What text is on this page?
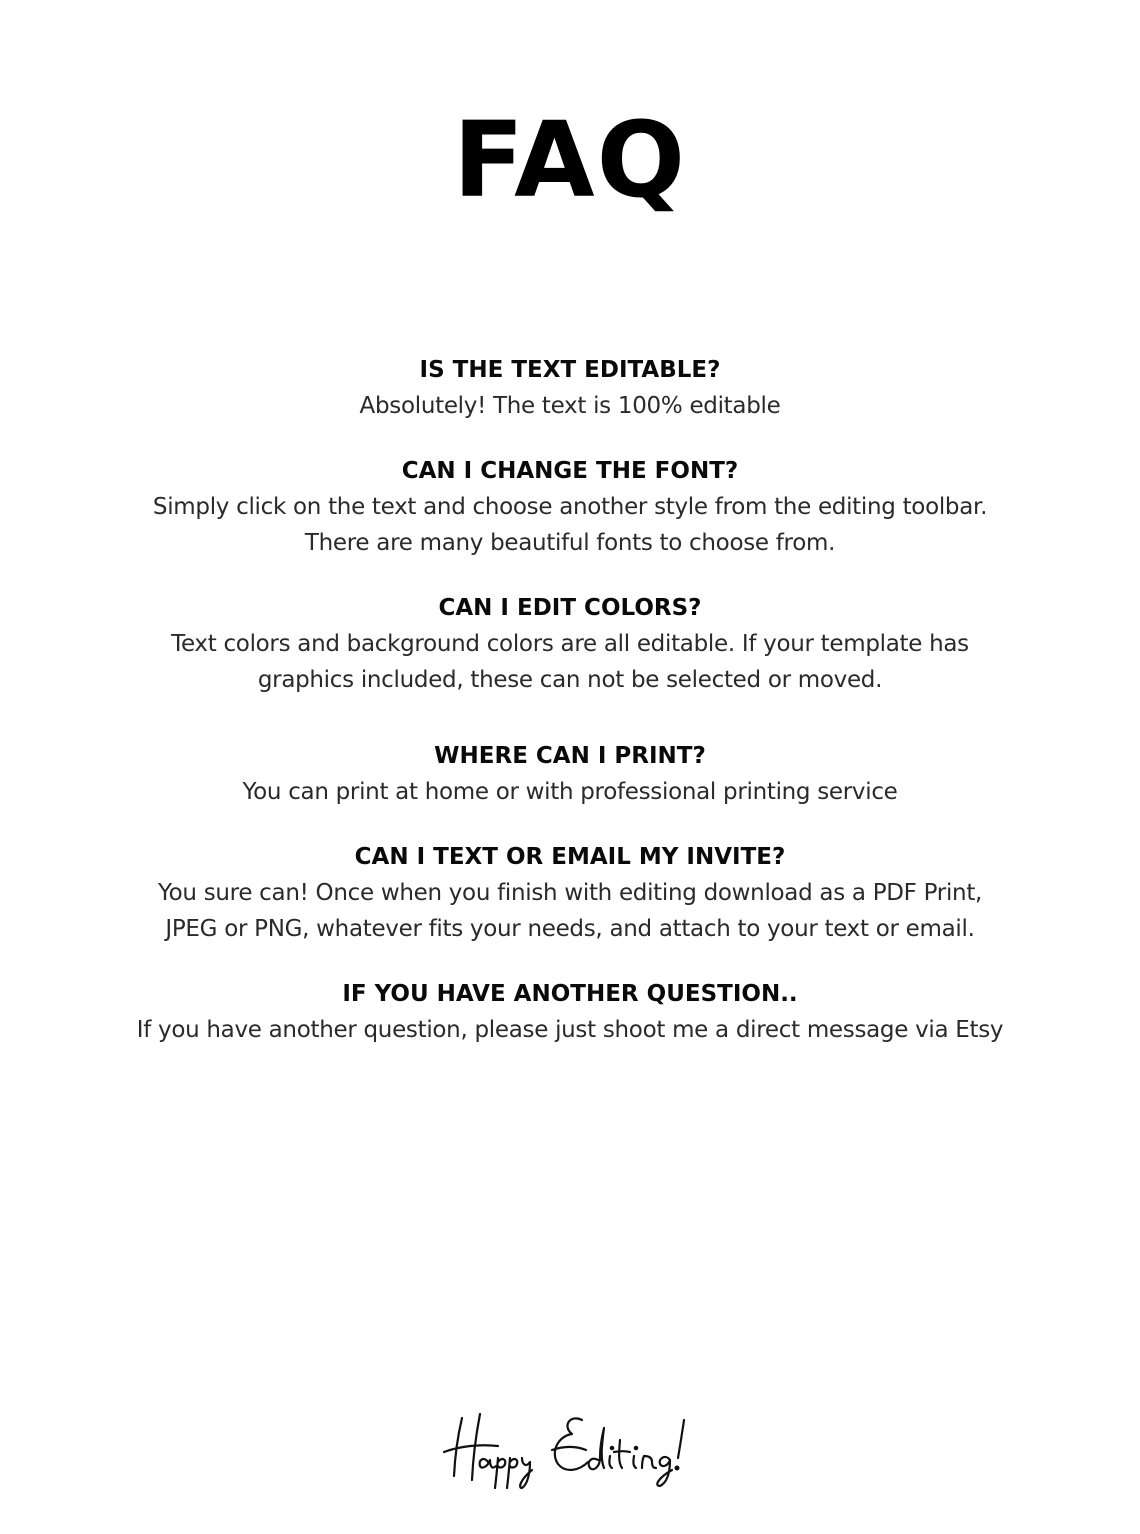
FAQ
IS THE TEXT EDITABLE?
Absolutely! The text is 100% editable
CAN I CHANGE THE FONT?
Simply click on the text and choose another style from the editing toolbar.
There are many beautiful fonts to choose from.
CAN I EDIT COLORS?
Text colors and background colors are all editable. If your template has graphics included, these can not be selected or moved.
WHERE CAN I PRINT?
You can print at home or with professional printing service
CAN I TEXT OR EMAIL MY INVITE?
You sure can! Once when you finish with editing download as a PDF Print, JPEG or PNG, whatever fits your needs, and attach to your text or email.
IF YOU HAVE ANOTHER QUESTION..
If you have another question, please just shoot me a direct message via Etsy
